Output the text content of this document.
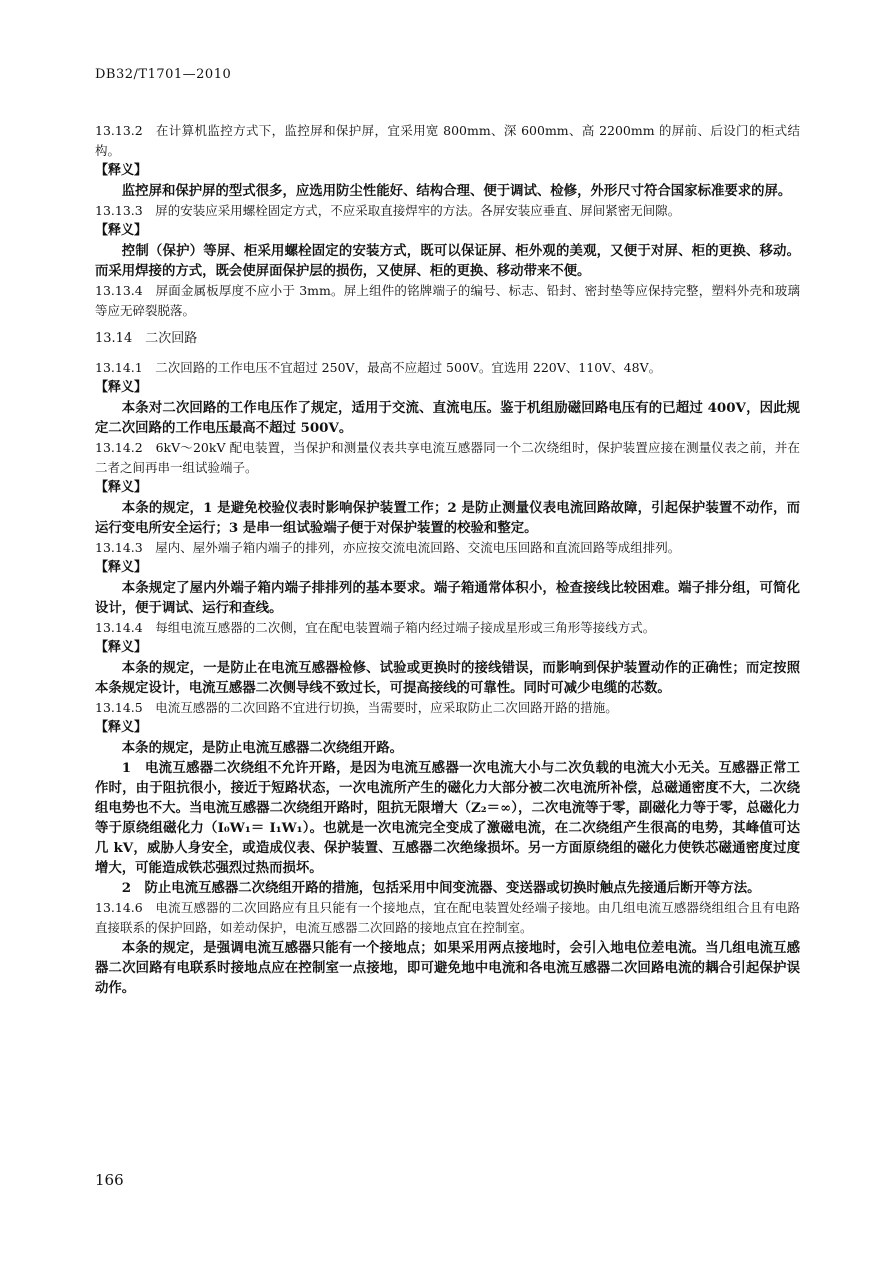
DB32/T1701—2010

13.13.2　在计算机监控方式下，监控屏和保护屏，宜采用宽 800mm、深 600mm、高 2200mm 的屏前、后设门的柜式结构。

【释义】

监控屏和保护屏的型式很多，应选用防尘性能好、结构合理、便于调试、检修，外形尺寸符合国家标准要求的屏。

13.13.3　屏的安装应采用螺栓固定方式，不应采取直接焊牢的方法。各屏安装应垂直、屏间紧密无间隙。

【释义】

控制（保护）等屏、柜采用螺栓固定的安装方式，既可以保证屏、柜外观的美观，又便于对屏、柜的更换、移动。而采用焊接的方式，既会使屏面保护层的损伤，又使屏、柜的更换、移动带来不便。

13.13.4　屏面金属板厚度不应小于 3mm。屏上组件的铭牌端子的编号、标志、铅封、密封垫等应保持完整，塑料外壳和玻璃等应无碎裂脱落。

13.14　二次回路

13.14.1　二次回路的工作电压不宜超过 250V，最高不应超过 500V。宜选用 220V、110V、48V。

【释义】

本条对二次回路的工作电压作了规定，适用于交流、直流电压。鉴于机组励磁回路电压有的已超过 400V，因此规定二次回路的工作电压最高不超过 500V。

13.14.2　6kV～20kV 配电装置，当保护和测量仪表共享电流互感器同一个二次绕组时，保护装置应接在测量仪表之前，并在二者之间再串一组试验端子。

【释义】

本条的规定，1 是避免校验仪表时影响保护装置工作；2 是防止测量仪表电流回路故障，引起保护装置不动作，而运行变电所安全运行；3 是串一组试验端子便于对保护装置的校验和整定。

13.14.3　屋内、屋外端子箱内端子的排列，亦应按交流电流回路、交流电压回路和直流回路等成组排列。

【释义】

本条规定了屋内外端子箱内端子排排列的基本要求。端子箱通常体积小，检查接线比较困难。端子排分组，可简化设计，便于调试、运行和查线。

13.14.4　每组电流互感器的二次侧，宜在配电装置端子箱内经过端子接成星形或三角形等接线方式。

【释义】

本条的规定，一是防止在电流互感器检修、试验或更换时的接线错误，而影响到保护装置动作的正确性；而定按照本条规定设计，电流互感器二次侧导线不致过长，可提高接线的可靠性。同时可减少电缆的芯数。

13.14.5　电流互感器的二次回路不宜进行切换，当需要时，应采取防止二次回路开路的措施。

【释义】

本条的规定，是防止电流互感器二次绕组开路。

1　电流互感器二次绕组不允许开路，是因为电流互感器一次电流大小与二次负载的电流大小无关。互感器正常工作时，由于阻抗很小，接近于短路状态，一次电流所产生的磁化力大部分被二次电流所补偿，总磁通密度不大，二次绕组电势也不大。当电流互感器二次绕组开路时，阻抗无限增大（Z₂＝∞），二次电流等于零，副磁化力等于零，总磁化力等于原绕组磁化力（I₀W₁＝ I₁W₁）。也就是一次电流完全变成了激磁电流，在二次绕组产生很高的电势，其峰值可达几 kV，威胁人身安全，或造成仪表、保护装置、互感器二次绝缘损坏。另一方面原绕组的磁化力使铁芯磁通密度过度增大，可能造成铁芯强烈过热而损坏。

2　防止电流互感器二次绕组开路的措施，包括采用中间变流器、变送器或切换时触点先接通后断开等方法。

13.14.6　电流互感器的二次回路应有且只能有一个接地点，宜在配电装置处经端子接地。由几组电流互感器绕组组合且有电路直接联系的保护回路，如差动保护，电流互感器二次回路的接地点宜在控制室。

本条的规定，是强调电流互感器只能有一个接地点；如果采用两点接地时，会引入地电位差电流。当几组电流互感器二次回路有电联系时接地点应在控制室一点接地，即可避免地中电流和各电流互感器二次回路电流的耦合引起保护误动作。

166
